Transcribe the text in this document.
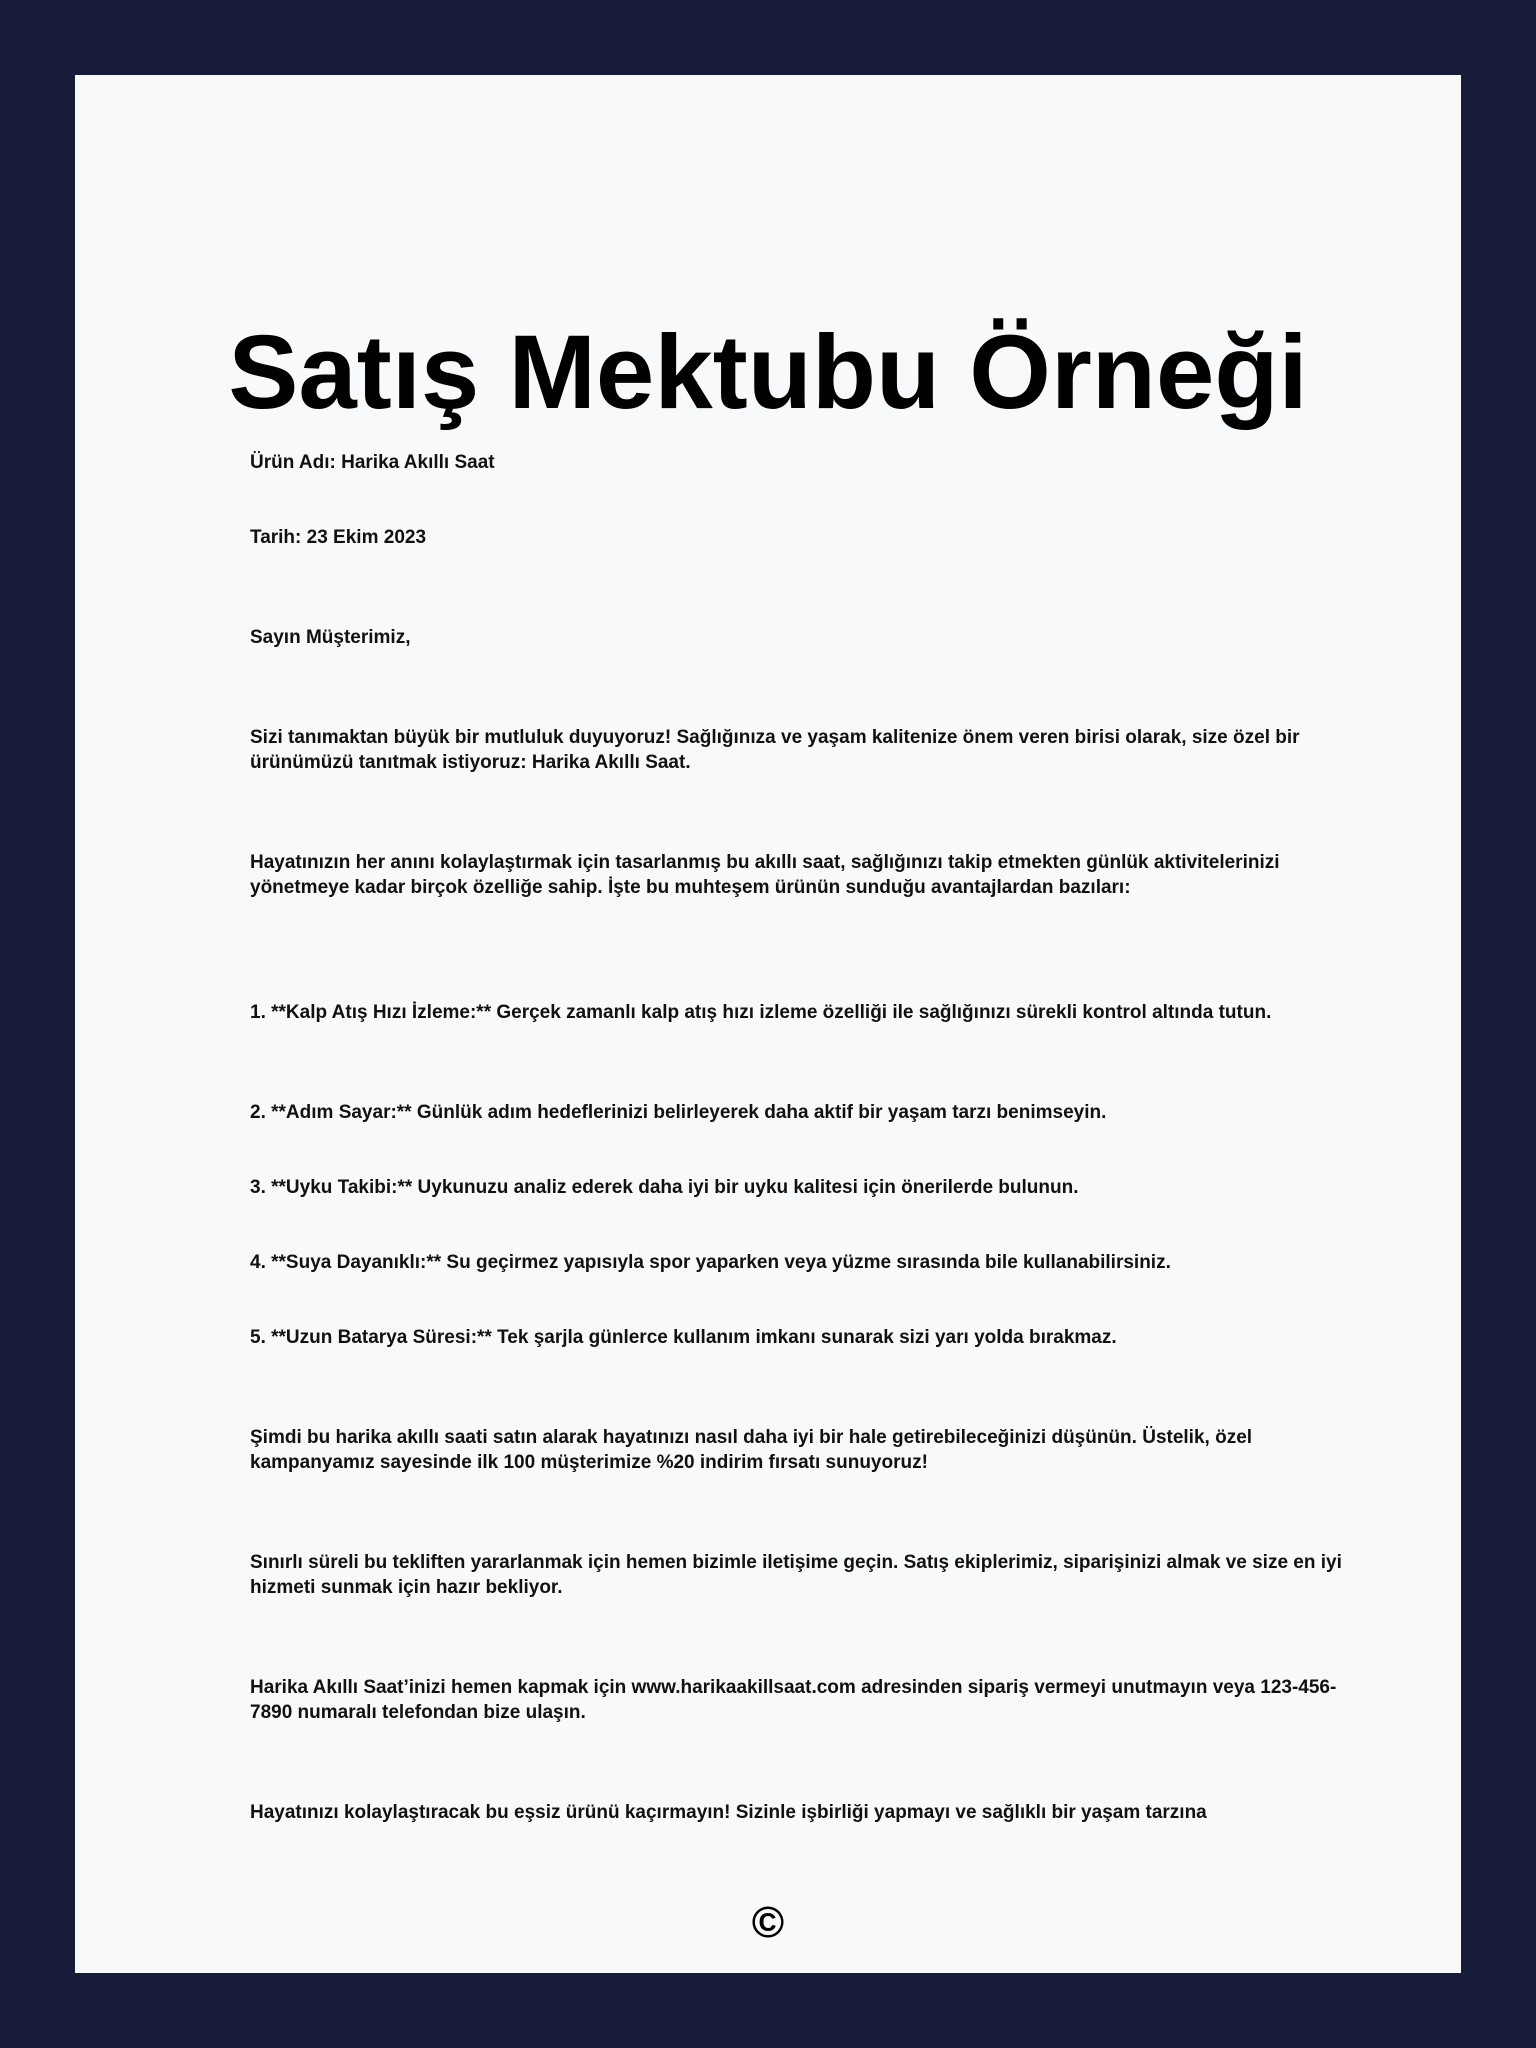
Satış Mektubu Örneği

Ürün Adı: Harika Akıllı Saat

Tarih: 23 Ekim 2023

Sayın Müşterimiz,

Sizi tanımaktan büyük bir mutluluk duyuyoruz! Sağlığınıza ve yaşam kalitenize önem veren birisi olarak, size özel bir ürünümüzü tanıtmak istiyoruz: Harika Akıllı Saat.

Hayatınızın her anını kolaylaştırmak için tasarlanmış bu akıllı saat, sağlığınızı takip etmekten günlük aktivitelerinizi yönetmeye kadar birçok özelliğe sahip. İşte bu muhteşem ürünün sunduğu avantajlardan bazıları:

1. **Kalp Atış Hızı İzleme:** Gerçek zamanlı kalp atış hızı izleme özelliği ile sağlığınızı sürekli kontrol altında tutun.

2. **Adım Sayar:** Günlük adım hedeflerinizi belirleyerek daha aktif bir yaşam tarzı benimseyin.

3. **Uyku Takibi:** Uykunuzu analiz ederek daha iyi bir uyku kalitesi için önerilerde bulunun.

4. **Suya Dayanıklı:** Su geçirmez yapısıyla spor yaparken veya yüzme sırasında bile kullanabilirsiniz.

5. **Uzun Batarya Süresi:** Tek şarjla günlerce kullanım imkanı sunarak sizi yarı yolda bırakmaz.

Şimdi bu harika akıllı saati satın alarak hayatınızı nasıl daha iyi bir hale getirebileceğinizi düşünün. Üstelik, özel kampanyamız sayesinde ilk 100 müşterimize %20 indirim fırsatı sunuyoruz!

Sınırlı süreli bu tekliften yararlanmak için hemen bizimle iletişime geçin. Satış ekiplerimiz, siparişinizi almak ve size en iyi hizmeti sunmak için hazır bekliyor.

Harika Akıllı Saat’inizi hemen kapmak için www.harikaakillsaat.com adresinden sipariş vermeyi unutmayın veya 123-456-7890 numaralı telefondan bize ulaşın.

Hayatınızı kolaylaştıracak bu eşsiz ürünü kaçırmayın! Sizinle işbirliği yapmayı ve sağlıklı bir yaşam tarzına

©
